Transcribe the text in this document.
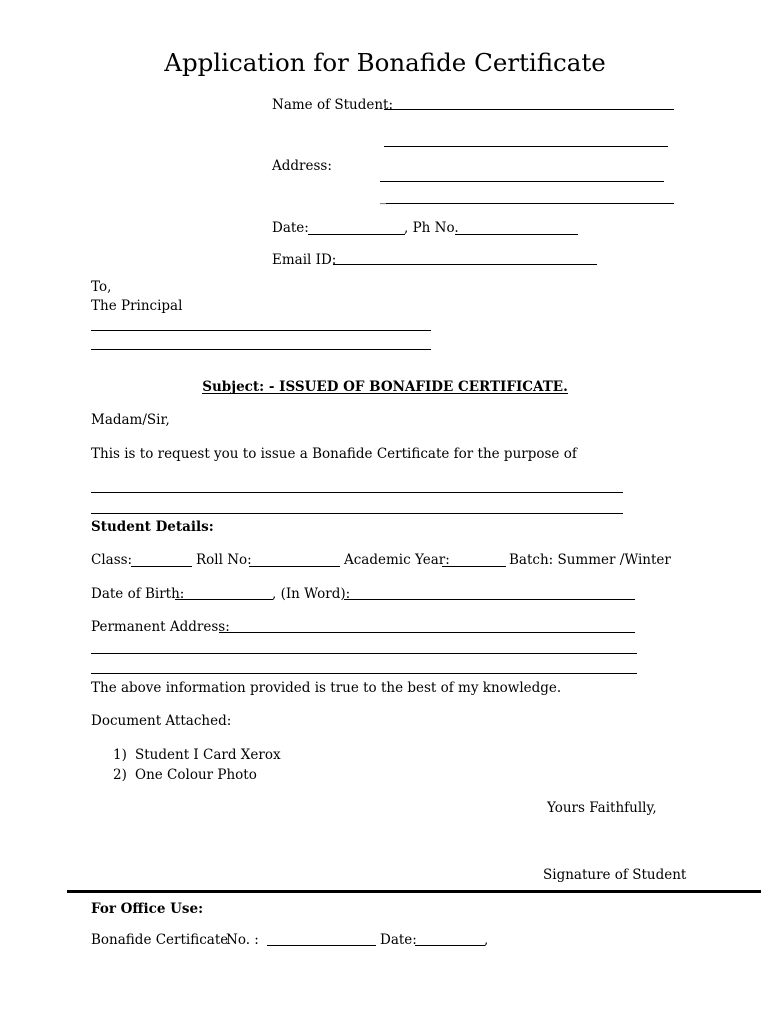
Application for Bonafide Certificate
Name of Student:
Address:
_
Date:	, Ph No.
Email ID:
To,
The Principal
Subject: - ISSUED OF BONAFIDE CERTIFICATE.
Madam/Sir,
This is to request you to issue a Bonafide Certificate for the purpose of
Student Details:
Class:	Roll No:	Academic Year:	Batch: Summer /Winter
Date of Birth:	, (In Word):
Permanent Address:
The above information provided is true to the best of my knowledge.
Document Attached:
1) Student I Card Xerox
2) One Colour Photo
Yours Faithfully,
Signature of Student
For Office Use:
Bonafide Certificate
No. :	Date:	,
